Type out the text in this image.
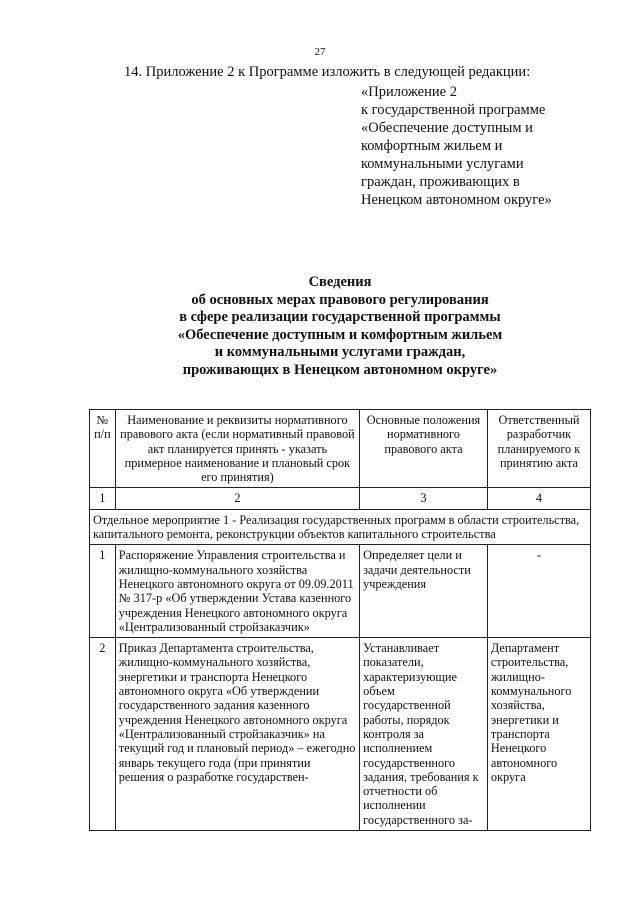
27
14. Приложение 2 к Программе изложить в следующей редакции:
«Приложение 2
к государственной программе
«Обеспечение доступным и
комфортным жильем и
коммунальными услугами
граждан, проживающих в
Ненецком автономном округе»
Сведения
об основных мерах правового регулирования
в сфере реализации государственной программы
«Обеспечение доступным и комфортным жильем
и коммунальными услугами граждан,
проживающих в Ненецком автономном округе»
№ п/п	Наименование и реквизиты нормативного правового акта (если нормативный правовой акт планируется принять - указать примерное наименование и плановый срок его принятия)	Основные положения нормативного правового акта	Ответственный разработчик планируемого к принятию акта
1	2	3	4
Отдельное мероприятие 1 - Реализация государственных программ в области строительства, капитального ремонта, реконструкции объектов капитального строительства			
1	Распоряжение Управления строительства и жилищно-коммунального хозяйства Ненецкого автономного округа от 09.09.2011 № 317-р «Об утверждении Устава казенного учреждения Ненецкого автономного округа «Централизованный стройзаказчик»	Определяет цели и задачи деятельности учреждения	-
2	Приказ Департамента строительства, жилищно-коммунального хозяйства, энергетики и транспорта Ненецкого автономного округа «Об утверждении государственного задания казенного учреждения Ненецкого автономного округа «Централизованный стройзаказчик» на текущий год и плановый период» – ежегодно январь текущего года (при принятии решения о разработке государствен-	Устанавливает показатели, характеризующие объем государственной работы, порядок контроля за исполнением государственного задания, требования к отчетности об исполнении государственного за-	Департамент строительства, жилищно-коммунального хозяйства, энергетики и транспорта Ненецкого автономного округа
